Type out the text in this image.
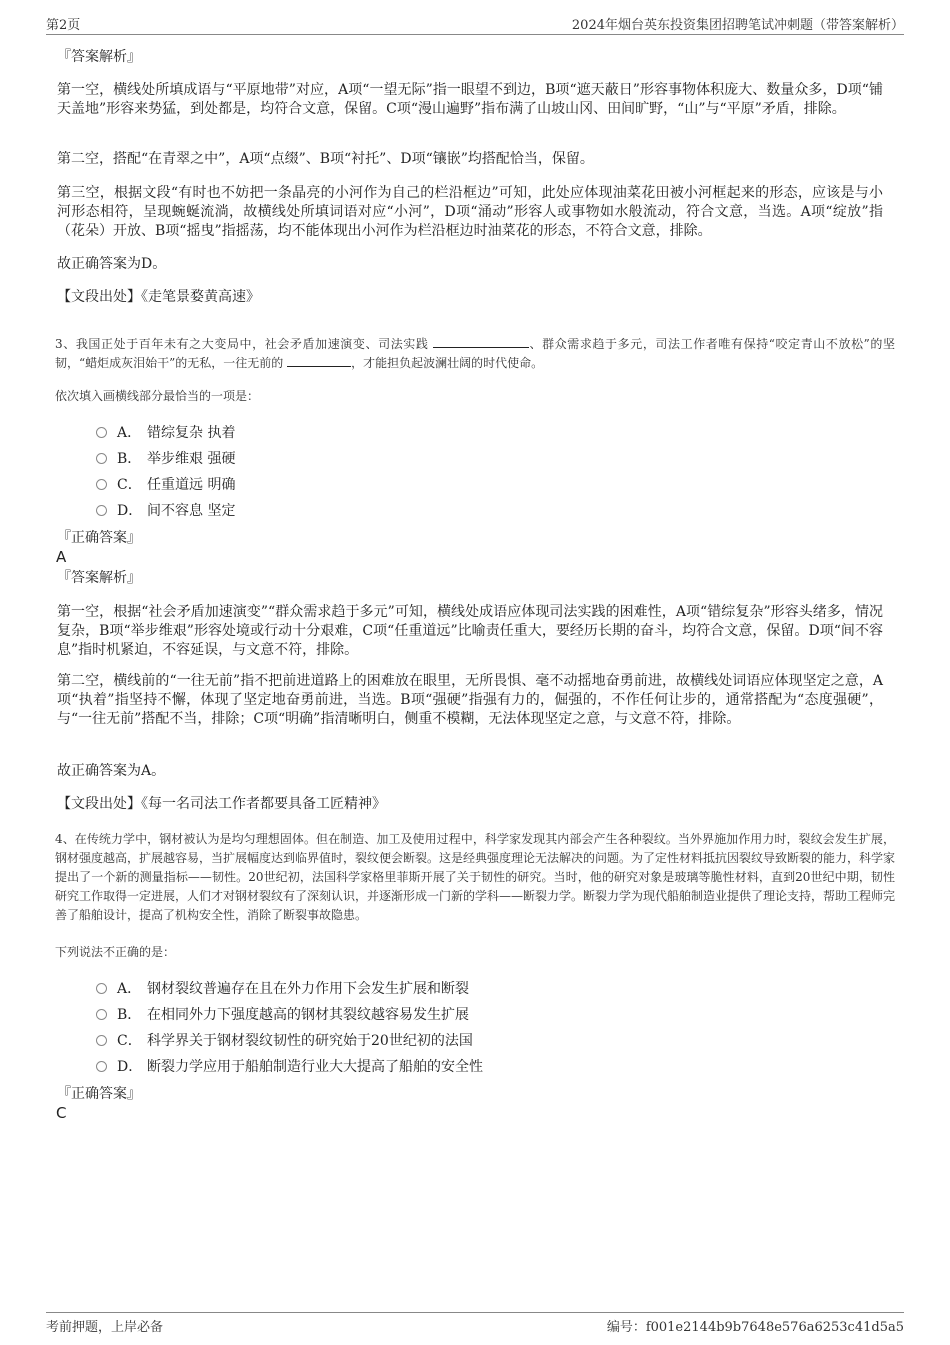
第2页	2024年烟台英东投资集团招聘笔试冲刺题（带答案解析）
『答案解析』
第一空，横线处所填成语与“平原地带”对应，A项“一望无际”指一眼望不到边，B项“遮天蔽日”形容事物体积庞大、数量众多，D项“铺天盖地”形容来势猛，到处都是，均符合文意，保留。C项“漫山遍野”指布满了山坡山冈、田间旷野，“山”与“平原”矛盾，排除。
第二空，搭配“在青翠之中”，A项“点缀”、B项“衬托”、D项“镶嵌”均搭配恰当，保留。
第三空，根据文段“有时也不妨把一条晶亮的小河作为自己的栏沿框边”可知，此处应体现油菜花田被小河框起来的形态，应该是与小河形态相符，呈现蜿蜒流淌，故横线处所填词语对应“小河”，D项“涌动”形容人或事物如水般流动，符合文意，当选。A项“绽放”指（花朵）开放、B项“摇曳”指摇荡，均不能体现出小河作为栏沿框边时油菜花的形态，不符合文意，排除。
故正确答案为D。
【文段出处】《走笔景婺黄高速》
3、我国正处于百年未有之大变局中，社会矛盾加速演变、司法实践	、群众需求趋于多元，司法工作者唯有保持“咬定青山不放松”的坚韧，“蜡炬成灰泪始干”的无私，一往无前的	，才能担负起波澜壮阔的时代使命。
依次填入画横线部分最恰当的一项是：
A． 错综复杂 执着
B． 举步维艰 强硬
C． 任重道远 明确
D． 间不容息 坚定
『正确答案』
A
『答案解析』
第一空，根据“社会矛盾加速演变”“群众需求趋于多元”可知，横线处成语应体现司法实践的困难性，A项“错综复杂”形容头绪多，情况复杂，B项“举步维艰”形容处境或行动十分艰难，C项“任重道远”比喻责任重大，要经历长期的奋斗，均符合文意，保留。D项“间不容息”指时机紧迫，不容延误，与文意不符，排除。
第二空，横线前的“一往无前”指不把前进道路上的困难放在眼里，无所畏惧、毫不动摇地奋勇前进，故横线处词语应体现坚定之意，A项“执着”指坚持不懈，体现了坚定地奋勇前进，当选。B项“强硬”指强有力的，倔强的，不作任何让步的，通常搭配为“态度强硬”，与“一往无前”搭配不当，排除；C项“明确”指清晰明白，侧重不模糊，无法体现坚定之意，与文意不符，排除。
故正确答案为A。
【文段出处】《每一名司法工作者都要具备工匠精神》
4、在传统力学中，钢材被认为是均匀理想固体。但在制造、加工及使用过程中，科学家发现其内部会产生各种裂纹。当外界施加作用力时，裂纹会发生扩展，钢材强度越高，扩展越容易，当扩展幅度达到临界值时，裂纹便会断裂。这是经典强度理论无法解决的问题。为了定性材料抵抗因裂纹导致断裂的能力，科学家提出了一个新的测量指标——韧性。20世纪初，法国科学家格里菲斯开展了关于韧性的研究。当时，他的研究对象是玻璃等脆性材料，直到20世纪中期，韧性研究工作取得一定进展，人们才对钢材裂纹有了深刻认识，并逐渐形成一门新的学科——断裂力学。断裂力学为现代船舶制造业提供了理论支持，帮助工程师完善了船舶设计，提高了机构安全性，消除了断裂事故隐患。
下列说法不正确的是：
A． 钢材裂纹普遍存在且在外力作用下会发生扩展和断裂
B． 在相同外力下强度越高的钢材其裂纹越容易发生扩展
C． 科学界关于钢材裂纹韧性的研究始于20世纪初的法国
D． 断裂力学应用于船舶制造行业大大提高了船舶的安全性
『正确答案』
C
考前押题，上岸必备	编号：f001e2144b9b7648e576a6253c41d5a5
